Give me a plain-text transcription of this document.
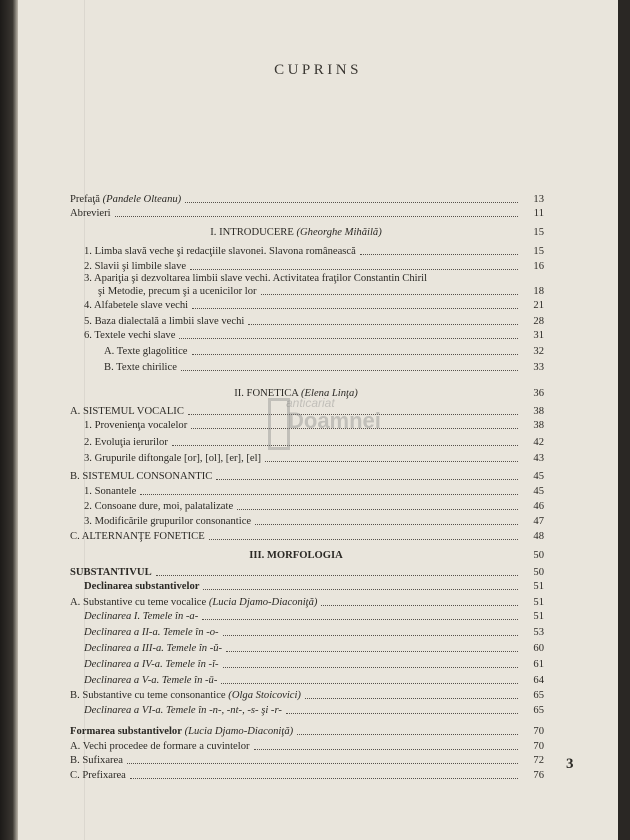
CUPRINS
Prefaţă (Pandele Olteanu)	13
Abrevieri	11
I. INTRODUCERE (Gheorghe Mihăilă)	15
1. Limba slavă veche şi redacţiile slavonei. Slavona românească	15
2. Slavii şi limbile slave	16
3. Apariţia şi dezvoltarea limbii slave vechi. Activitatea fraţilor Constantin Chiril
şi Metodie, precum şi a ucenicilor lor	18
4. Alfabetele slave vechi	21
5. Baza dialectală a limbii slave vechi	28
6. Textele vechi slave	31
A. Texte glagolitice	32
B. Texte chirilice	33
II. FONETICA (Elena Linţa)	36
A. SISTEMUL VOCALIC	38
1. Provenienţa vocalelor	38
2. Evoluţia ierurilor	42
3. Grupurile diftongale [or], [ol], [er], [el]	43
B. SISTEMUL CONSONANTIC	45
1. Sonantele	45
2. Consoane dure, moi, palatalizate	46
3. Modificările grupurilor consonantice	47
C. ALTERNANŢE FONETICE	48
III. MORFOLOGIA	50
SUBSTANTIVUL	50
Declinarea substantivelor	51
A. Substantive cu teme vocalice (Lucia Djamo-Diaconiţă)	51
Declinarea I. Temele în -a-	51
Declinarea a II-a. Temele în -o-	53
Declinarea a III-a. Temele în -ŭ-	60
Declinarea a IV-a. Temele în -ĭ-	61
Declinarea a V-a. Temele în -ū-	64
B. Substantive cu teme consonantice (Olga Stoicovici)	65
Declinarea a VI-a. Temele în -n-, -nt-, -s- şi -r-	65
Formarea substantivelor (Lucia Djamo-Diaconiţă)	70
A. Vechi procedee de formare a cuvintelor	70
B. Sufixarea	72
C. Prefixarea	76
anticariat
Doamnei
3
